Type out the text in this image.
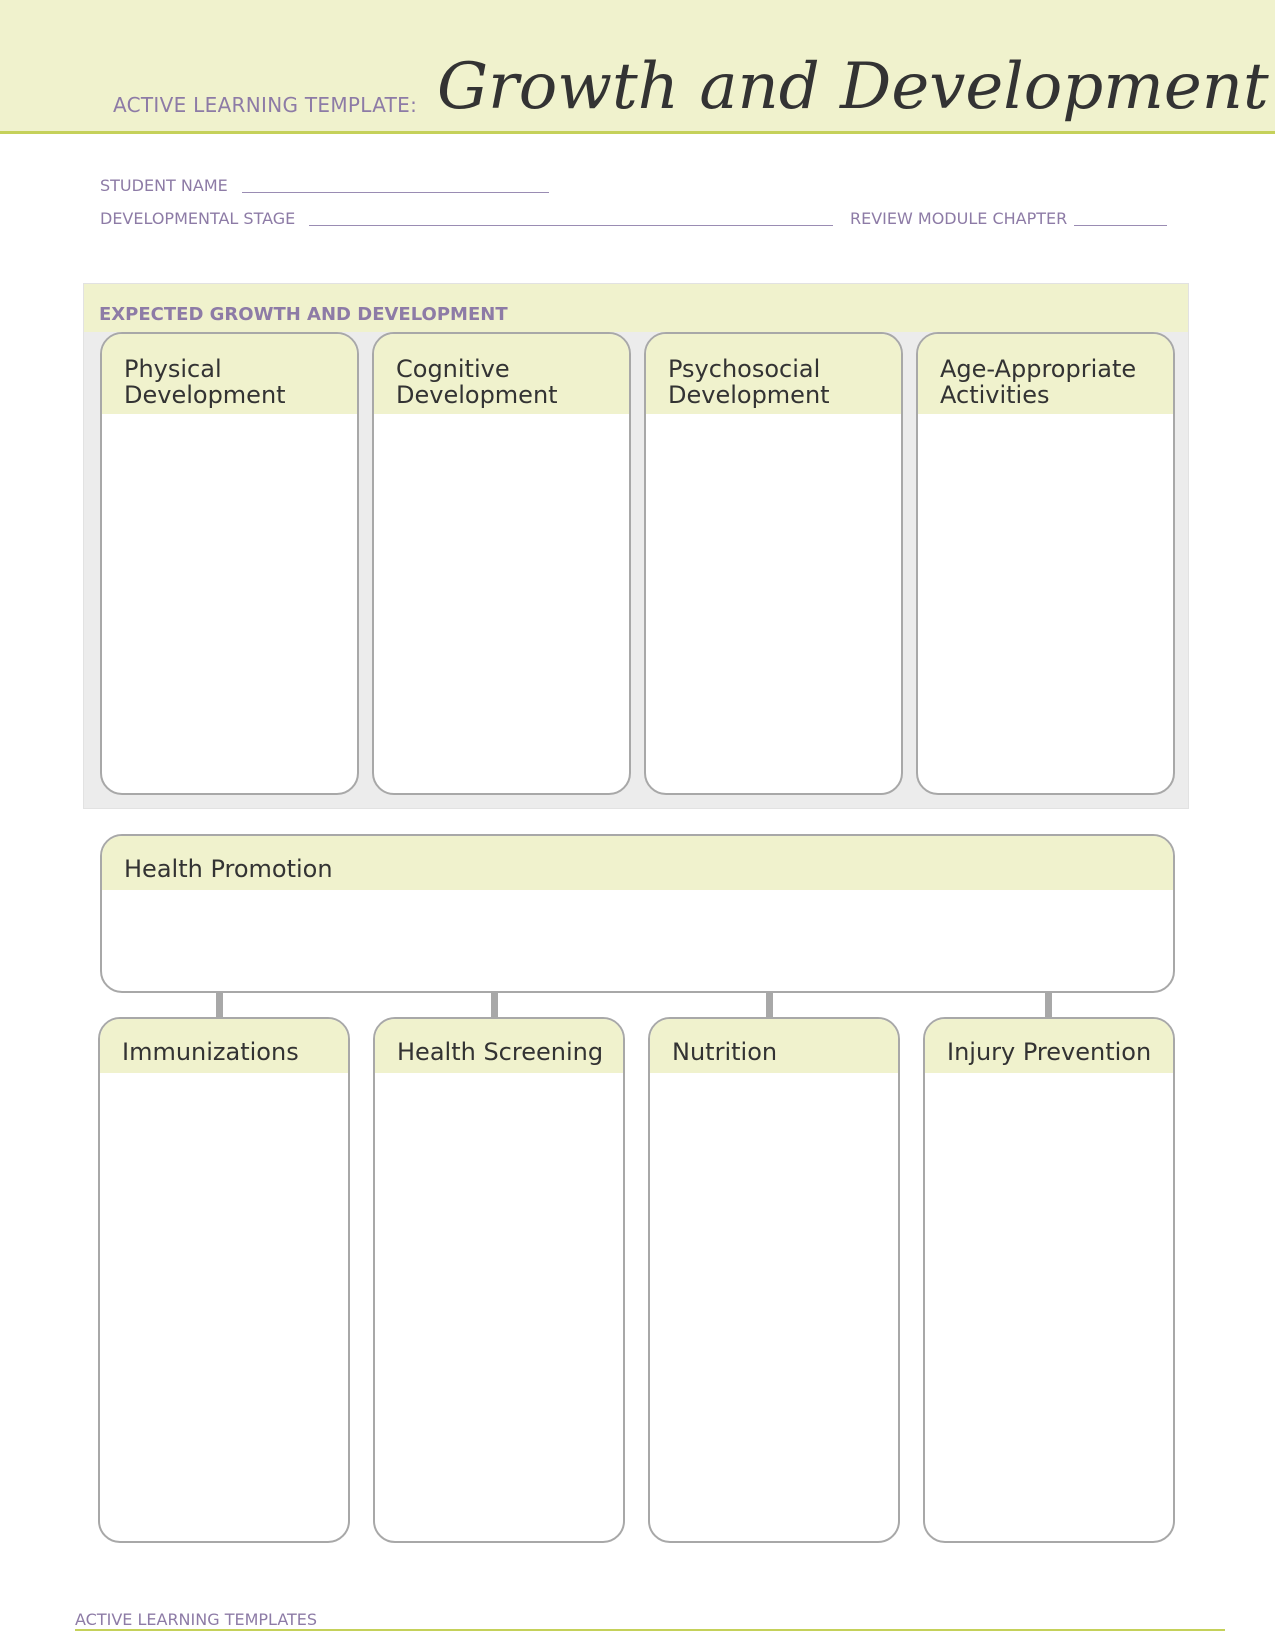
ACTIVE LEARNING TEMPLATE: Growth and Development
STUDENT NAME
DEVELOPMENTAL STAGE	REVIEW MODULE CHAPTER
EXPECTED GROWTH AND DEVELOPMENT
Physical
Development
Cognitive
Development
Psychosocial
Development
Age-Appropriate
Activities
Health Promotion
Immunizations	Health Screening	Nutrition	Injury Prevention
ACTIVE LEARNING TEMPLATES
